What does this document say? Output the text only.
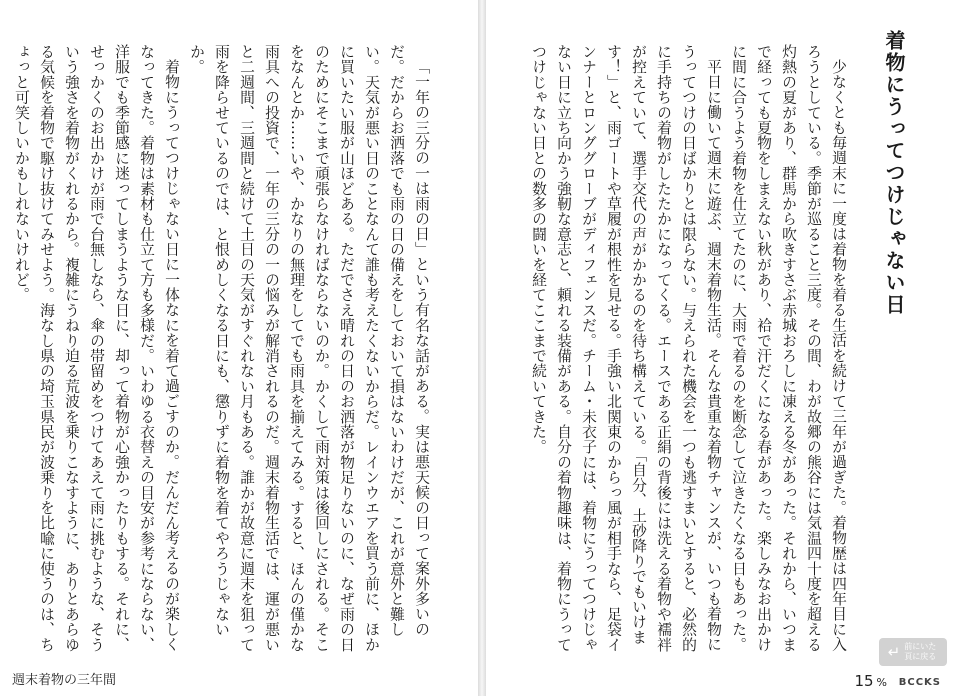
「一年の三分の一は雨の日」という有名な話がある。実は悪天候の日って案外多いのだ。だからお洒落でも雨の日の備えをしておいて損はないわけだが、これが意外と難しい。天気が悪い日のことなんて誰も考えたくないからだ。レインウエアを買う前に、ほかに買いたい服が山ほどある。ただでさえ晴れの日のお洒落が物足りないのに、なぜ雨の日のためにそこまで頑張らなければならないのか。かくして雨対策は後回しにされる。そこをなんとか……いや、かなりの無理をしてでも雨具を揃えてみる。すると、ほんの僅かな雨具への投資で、一年の三分の一の悩みが解消されるのだ。週末着物生活では、運が悪いと二週間、三週間と続けて土日の天気がすぐれない月もある。誰かが故意に週末を狙って雨を降らせているのでは、と恨めしくなる日にも、懲りずに着物を着てやろうじゃないか。

着物にうってつけじゃない日に一体なにを着て過ごすのか。だんだん考えるのが楽しくなってきた。着物は素材も仕立て方も多様だ。いわゆる衣替えの目安が参考にならない、洋服でも季節感に迷ってしまうような日に、却って着物が心強かったりもする。それに、せっかくのお出かけが雨で台無しなら、傘の帯留めをつけてあえて雨に挑むような、そういう強さを着物がくれるから。複雑にうねり迫る荒波を乗りこなすように、ありとあらゆる気候を着物で駆け抜けてみせよう。海なし県の埼玉県民が波乗りを比喩に使うのは、ちょっと可笑しいかもしれないけれど。

週末着物の三年間
着物にうってつけじゃない日

少なくとも毎週末に一度は着物を着る生活を続けて三年が過ぎた。着物歴は四年目に入ろうとしている。季節が巡ること三度。その間、わが故郷の熊谷には気温四十度を超える灼熱の夏があり、群馬から吹きすさぶ赤城おろしに凍える冬があった。それから、いつまで経っても夏物をしまえない秋があり、袷で汗だくになる春があった。楽しみなお出かけに間に合うよう着物を仕立てたのに、大雨で着るのを断念して泣きたくなる日もあった。

平日に働いて週末に遊ぶ、週末着物生活。そんな貴重な着物チャンスが、いつも着物にうってつけの日ばかりとは限らない。与えられた機会を一つも逃すまいとすると、必然的に手持ちの着物がしたたかになってくる。エースである正絹の背後には洗える着物や襦袢が控えていて、選手交代の声がかかるのを待ち構えている。「自分、土砂降りでもいけます！」と、雨ゴートや草履が根性を見せる。手強い北関東のからっ風が相手なら、足袋インナーとロンググローブがディフェンスだ。チーム・未衣子には、着物にうってつけじゃない日に立ち向かう強靭な意志と、頼れる装備がある。自分の着物趣味は、着物にうってつけじゃない日との数多の闘いを経てここまで続いてきた。

↵ 前にいた頁に戻る
15 % BCCKS
